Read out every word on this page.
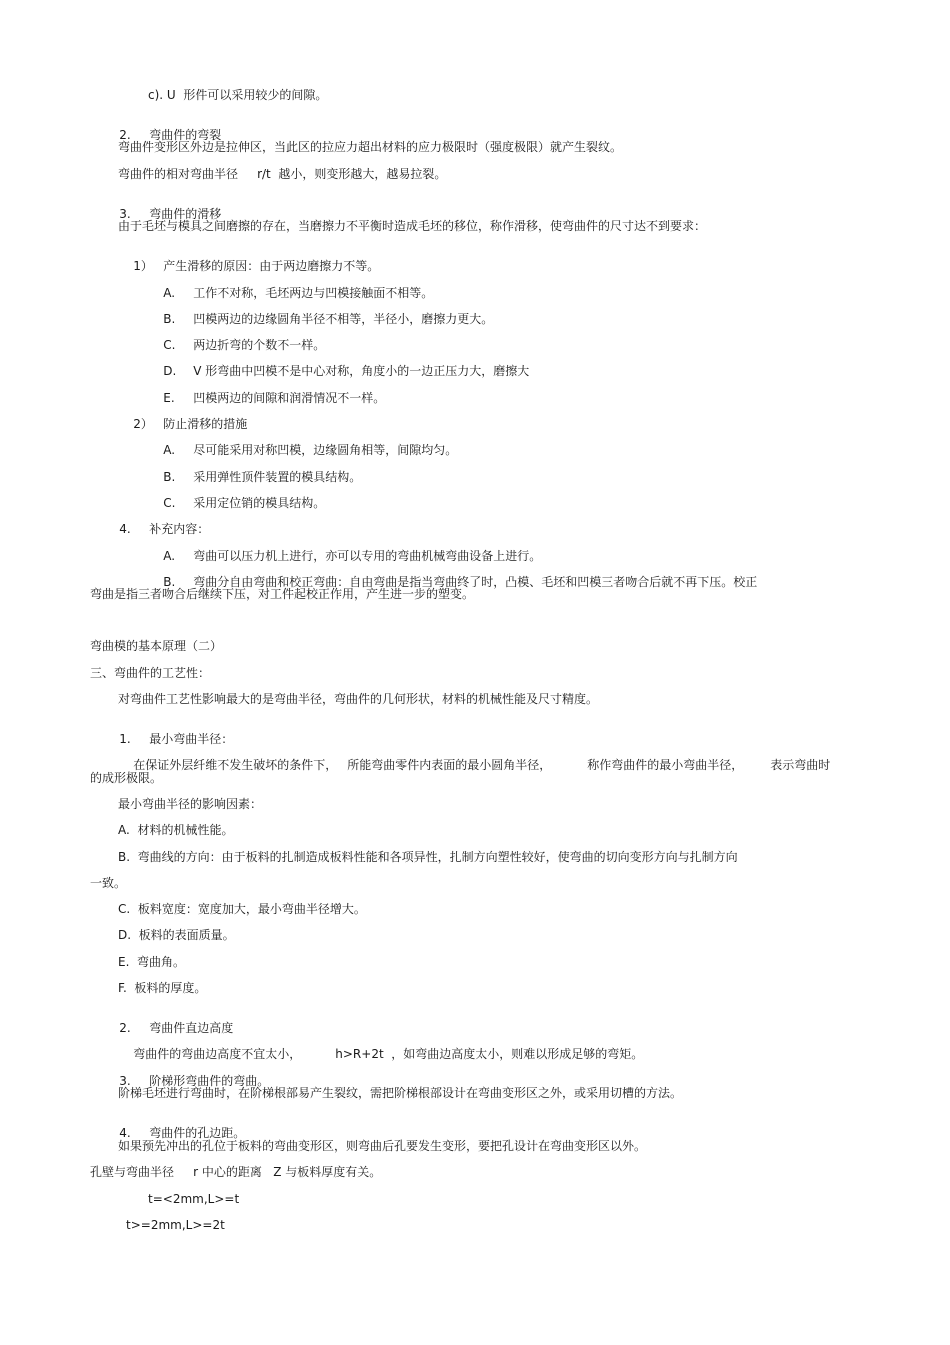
c). U  形件可以采用较少的间隙。

2. 弯曲件的弯裂

弯曲件变形区外边是拉伸区，当此区的拉应力超出材料的应力极限时（强度极限）就产生裂纹。
弯曲件的相对弯曲半径     r/t  越小，则变形越大，越易拉裂。

3. 弯曲件的滑移

由于毛坯与模具之间磨擦的存在，当磨擦力不平衡时造成毛坯的移位，称作滑移，使弯曲件的尺寸达不到要求：

1） 产生滑移的原因：由于两边磨擦力不等。

A. 工作不对称，毛坯两边与凹模接触面不相等。

B. 凹模两边的边缘圆角半径不相等，半径小，磨擦力更大。

C. 两边折弯的个数不一样。

D. V 形弯曲中凹模不是中心对称，角度小的一边正压力大，磨擦大

E. 凹模两边的间隙和润滑情况不一样。

2） 防止滑移的措施

A. 尽可能采用对称凹模，边缘圆角相等，间隙均匀。

B. 采用弹性顶件装置的模具结构。

C. 采用定位销的模具结构。

4. 补充内容：

A. 弯曲可以压力机上进行，亦可以专用的弯曲机械弯曲设备上进行。

B. 弯曲分自由弯曲和校正弯曲：自由弯曲是指当弯曲终了时，凸模、毛坯和凹模三者吻合后就不再下压。校正

弯曲是指三者吻合后继续下压，对工件起校正作用，产生进一步的塑变。
弯曲模的基本原理（二）
三、弯曲件的工艺性：
对弯曲件工艺性影响最大的是弯曲半径，弯曲件的几何形状，材料的机械性能及尺寸精度。

1. 最小弯曲半径：

在保证外层纤维不发生破坏的条件下， 所能弯曲零件内表面的最小圆角半径，	称作弯曲件的最小弯曲半径， 表示弯曲时

的成形极限。
最小弯曲半径的影响因素：
A.  材料的机械性能。
B.  弯曲线的方向：由于板料的扎制造成板料性能和各项异性，扎制方向塑性较好，使弯曲的切向变形方向与扎制方向
一致。
C.  板料宽度：宽度加大，最小弯曲半径增大。
D.  板料的表面质量。
E.  弯曲角。
F.  板料的厚度。

2. 弯曲件直边高度

弯曲件的弯曲边高度不宜太小，	h>R+2t  ，如弯曲边高度太小，则难以形成足够的弯矩。

3. 阶梯形弯曲件的弯曲。

阶梯毛坯进行弯曲时，在阶梯根部易产生裂纹，需把阶梯根部设计在弯曲变形区之外，或采用切槽的方法。

4. 弯曲件的孔边距。

如果预先冲出的孔位于板料的弯曲变形区，则弯曲后孔要发生变形，要把孔设计在弯曲变形区以外。
孔壁与弯曲半径     r 中心的距离   Z 与板料厚度有关。
t=<2mm,L>=t
t>=2mm,L>=2t
